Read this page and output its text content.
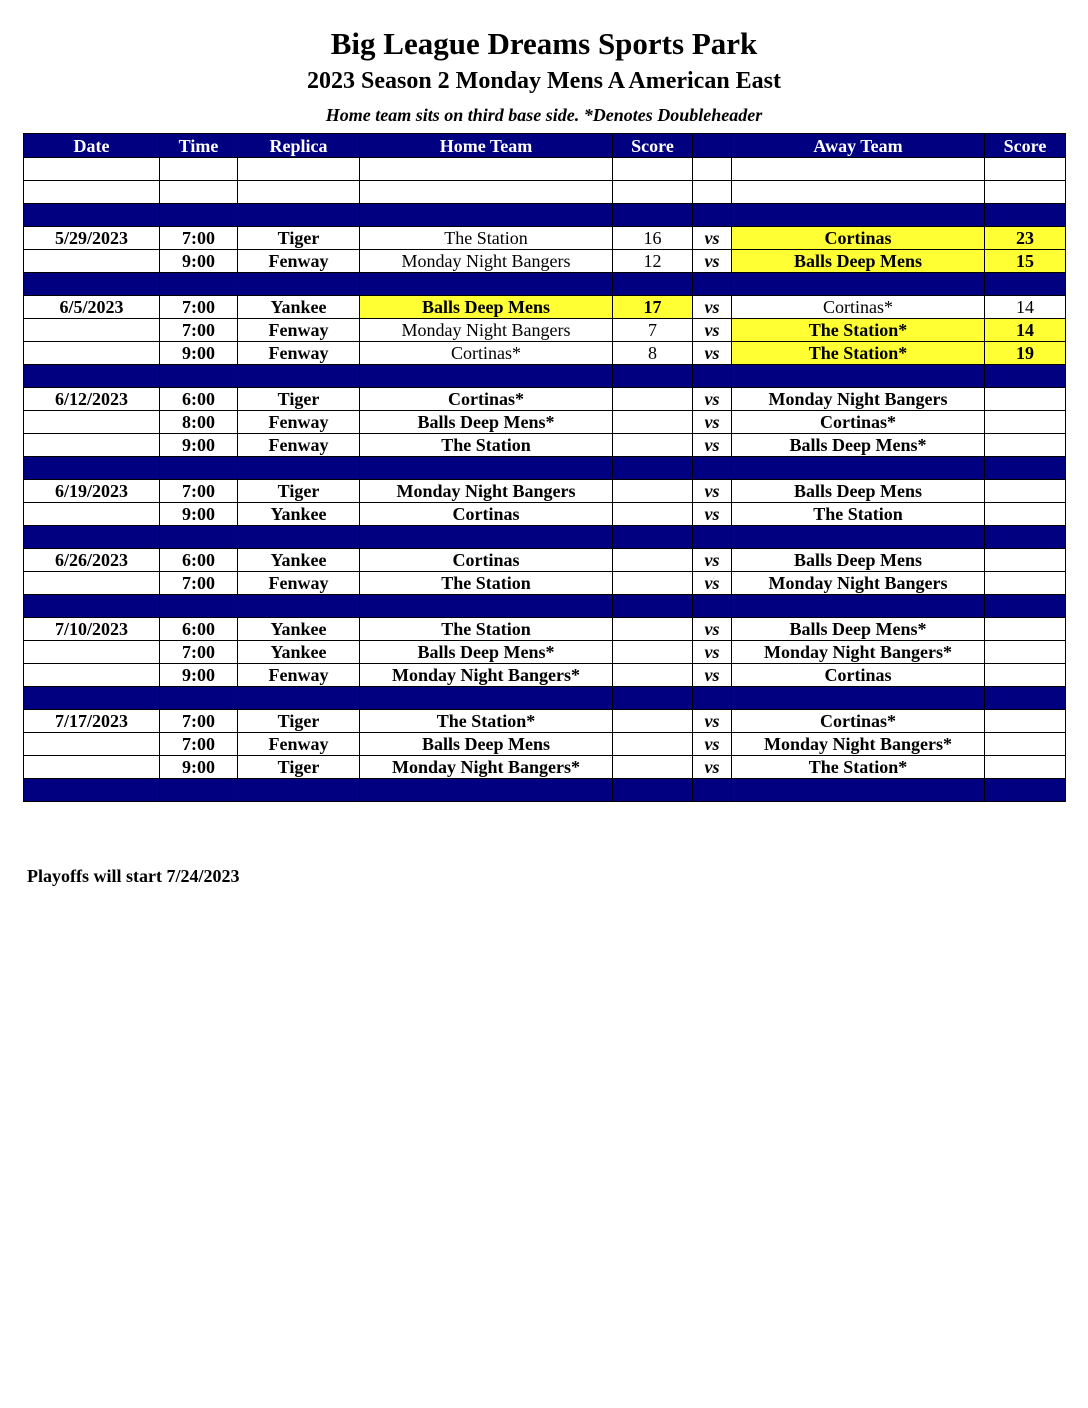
Big League Dreams Sports Park
2023 Season 2 Monday Mens A American East
Home team sits on third base side. *Denotes Doubleheader
Date	Time	Replica	Home Team	Score		Away Team	Score

5/29/2023	7:00	Tiger	The Station	16	vs	Cortinas	23
	9:00	Fenway	Monday Night Bangers	12	vs	Balls Deep Mens	15

6/5/2023	7:00	Yankee	Balls Deep Mens	17	vs	Cortinas*	14
	7:00	Fenway	Monday Night Bangers	7	vs	The Station*	14
	9:00	Fenway	Cortinas*	8	vs	The Station*	19

6/12/2023	6:00	Tiger	Cortinas*		vs	Monday Night Bangers	
	8:00	Fenway	Balls Deep Mens*		vs	Cortinas*	
	9:00	Fenway	The Station		vs	Balls Deep Mens*	

6/19/2023	7:00	Tiger	Monday Night Bangers		vs	Balls Deep Mens	
	9:00	Yankee	Cortinas		vs	The Station	

6/26/2023	6:00	Yankee	Cortinas		vs	Balls Deep Mens	
	7:00	Fenway	The Station		vs	Monday Night Bangers	

7/10/2023	6:00	Yankee	The Station		vs	Balls Deep Mens*	
	7:00	Yankee	Balls Deep Mens*		vs	Monday Night Bangers*	
	9:00	Fenway	Monday Night Bangers*		vs	Cortinas	

7/17/2023	7:00	Tiger	The Station*		vs	Cortinas*	
	7:00	Fenway	Balls Deep Mens		vs	Monday Night Bangers*	
	9:00	Tiger	Monday Night Bangers*		vs	The Station*	

Playoffs will start 7/24/2023
